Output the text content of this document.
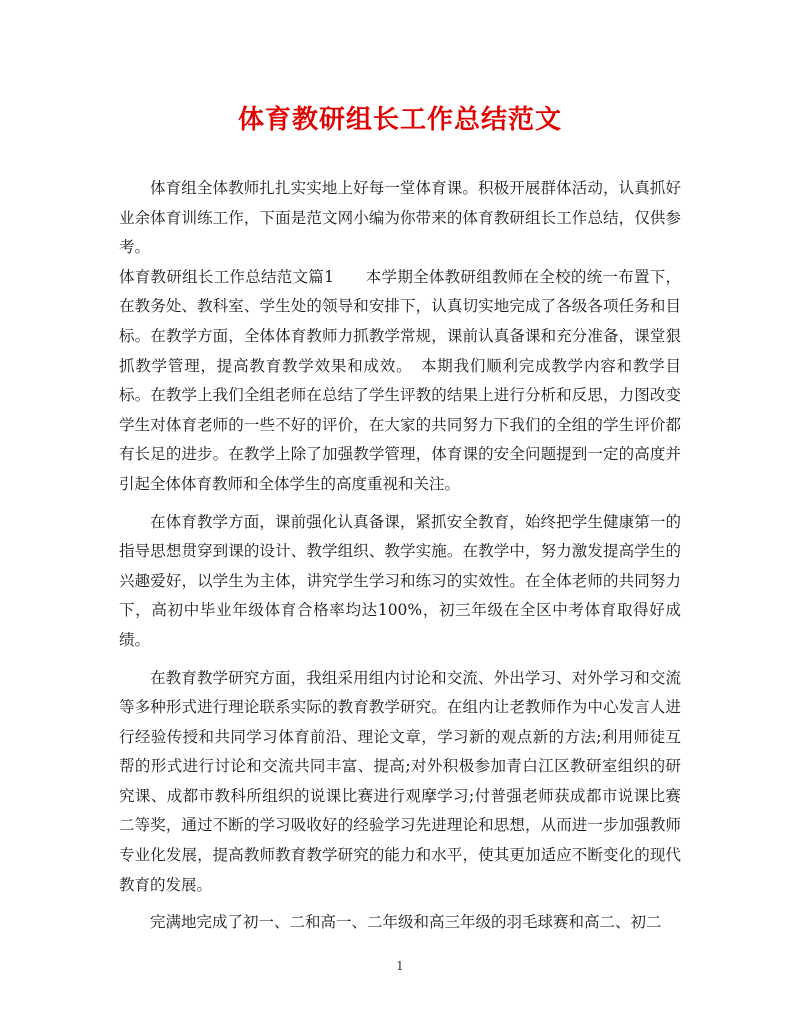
体育教研组长工作总结范文

体育组全体教师扎扎实实地上好每一堂体育课。积极开展群体活动，认真抓好业余体育训练工作，下面是范文网小编为你带来的体育教研组长工作总结，仅供参考。

体育教研组长工作总结范文篇1　　本学期全体教研组教师在全校的统一布置下，在教务处、教科室、学生处的领导和安排下，认真切实地完成了各级各项任务和目标。在教学方面，全体体育教师力抓教学常规，课前认真备课和充分准备，课堂狠抓教学管理，提高教育教学效果和成效。　本期我们顺利完成教学内容和教学目标。在教学上我们全组老师在总结了学生评教的结果上进行分析和反思，力图改变学生对体育老师的一些不好的评价，在大家的共同努力下我们的全组的学生评价都有长足的进步。在教学上除了加强教学管理，体育课的安全问题提到一定的高度并引起全体体育教师和全体学生的高度重视和关注。

在体育教学方面，课前强化认真备课，紧抓安全教育，始终把学生健康第一的指导思想贯穿到课的设计、教学组织、教学实施。在教学中，努力激发提高学生的兴趣爱好，以学生为主体，讲究学生学习和练习的实效性。在全体老师的共同努力下，高初中毕业年级体育合格率均达100%，初三年级在全区中考体育取得好成绩。

在教育教学研究方面，我组采用组内讨论和交流、外出学习、对外学习和交流等多种形式进行理论联系实际的教育教学研究。在组内让老教师作为中心发言人进行经验传授和共同学习体育前沿、理论文章，学习新的观点新的方法;利用师徒互帮的形式进行讨论和交流共同丰富、提高;对外积极参加青白江区教研室组织的研究课、成都市教科所组织的说课比赛进行观摩学习;付普强老师获成都市说课比赛二等奖，通过不断的学习吸收好的经验学习先进理论和思想，从而进一步加强教师专业化发展，提高教师教育教学研究的能力和水平，使其更加适应不断变化的现代教育的发展。

完满地完成了初一、二和高一、二年级和高三年级的羽毛球赛和高二、初二

1
